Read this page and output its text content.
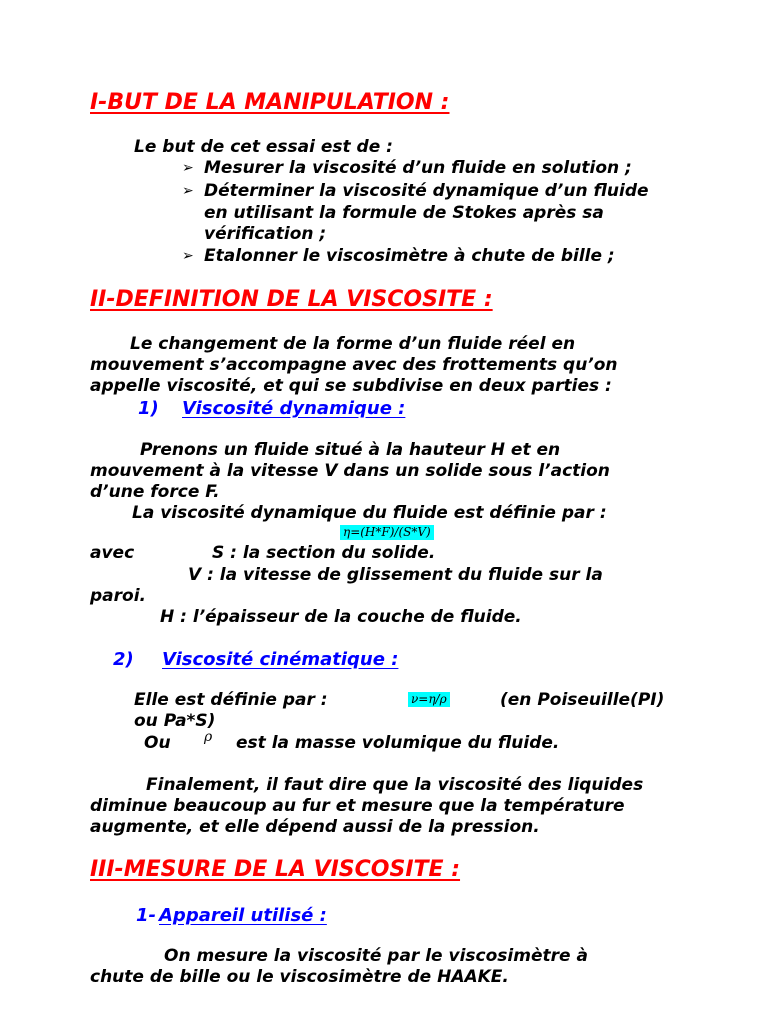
I-BUT DE LA MANIPULATION :
Le but de cet essai est de :
➢ Mesurer la viscosité d’un fluide en solution ;
➢ Déterminer la viscosité dynamique d’un fluide
en utilisant la formule de Stokes après sa
vérification ;
➢ Etalonner le viscosimètre à chute de bille ;
II-DEFINITION DE LA VISCOSITE :
Le changement de la forme d’un fluide réel en
mouvement s’accompagne avec des frottements qu’on
appelle viscosité, et qui se subdivise en deux parties :
1) Viscosité dynamique :
Prenons un fluide situé à la hauteur H et en
mouvement à la vitesse V dans un solide sous l’action
d’une force F.
La viscosité dynamique du fluide est définie par :
η=(H*F)/(S*V)
avec	S : la section du solide.
V : la vitesse de glissement du fluide sur la
paroi.
H : l’épaisseur de la couche de fluide.
2) Viscosité cinématique :
Elle est définie par :	ν=η/ρ	(en Poiseuille(PI)
ou Pa*S)
Ou ρ est la masse volumique du fluide.
Finalement, il faut dire que la viscosité des liquides
diminue beaucoup au fur et mesure que la température
augmente, et elle dépend aussi de la pression.
III-MESURE DE LA VISCOSITE :
1- Appareil utilisé :
On mesure la viscosité par le viscosimètre à
chute de bille ou le viscosimètre de HAAKE.
